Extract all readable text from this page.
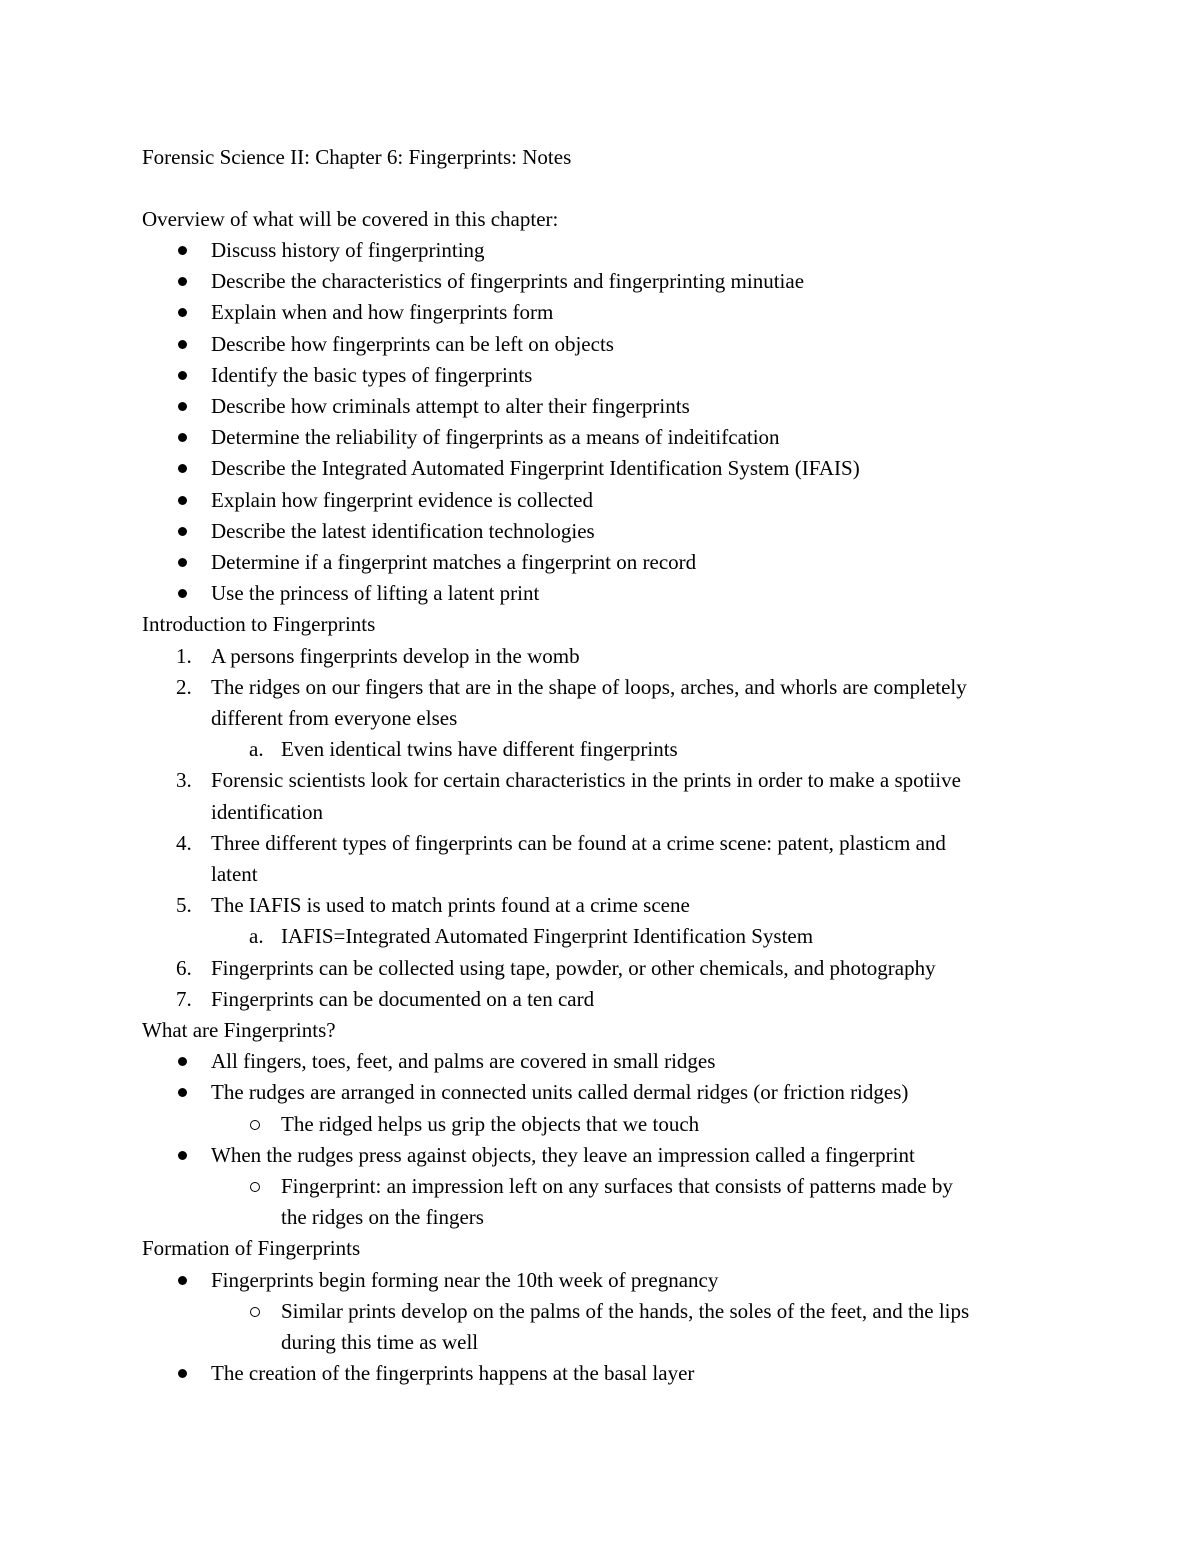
Forensic Science II: Chapter 6: Fingerprints: Notes
Overview of what will be covered in this chapter:
Discuss history of fingerprinting
Describe the characteristics of fingerprints and fingerprinting minutiae
Explain when and how fingerprints form
Describe how fingerprints can be left on objects
Identify the basic types of fingerprints
Describe how criminals attempt to alter their fingerprints
Determine the reliability of fingerprints as a means of indeitifcation
Describe the Integrated Automated Fingerprint Identification System (IFAIS)
Explain how fingerprint evidence is collected
Describe the latest identification technologies
Determine if a fingerprint matches a fingerprint on record
Use the princess of lifting a latent print
Introduction to Fingerprints
1. A persons fingerprints develop in the womb
2. The ridges on our fingers that are in the shape of loops, arches, and whorls are completely
different from everyone elses
a. Even identical twins have different fingerprints
3. Forensic scientists look for certain characteristics in the prints in order to make a spotiive
identification
4. Three different types of fingerprints can be found at a crime scene: patent, plasticm and
latent
5. The IAFIS is used to match prints found at a crime scene
a. IAFIS=Integrated Automated Fingerprint Identification System
6. Fingerprints can be collected using tape, powder, or other chemicals, and photography
7. Fingerprints can be documented on a ten card
What are Fingerprints?
All fingers, toes, feet, and palms are covered in small ridges
The rudges are arranged in connected units called dermal ridges (or friction ridges)
The ridged helps us grip the objects that we touch
When the rudges press against objects, they leave an impression called a fingerprint
Fingerprint: an impression left on any surfaces that consists of patterns made by
the ridges on the fingers
Formation of Fingerprints
Fingerprints begin forming near the 10th week of pregnancy
Similar prints develop on the palms of the hands, the soles of the feet, and the lips
during this time as well
The creation of the fingerprints happens at the basal layer
